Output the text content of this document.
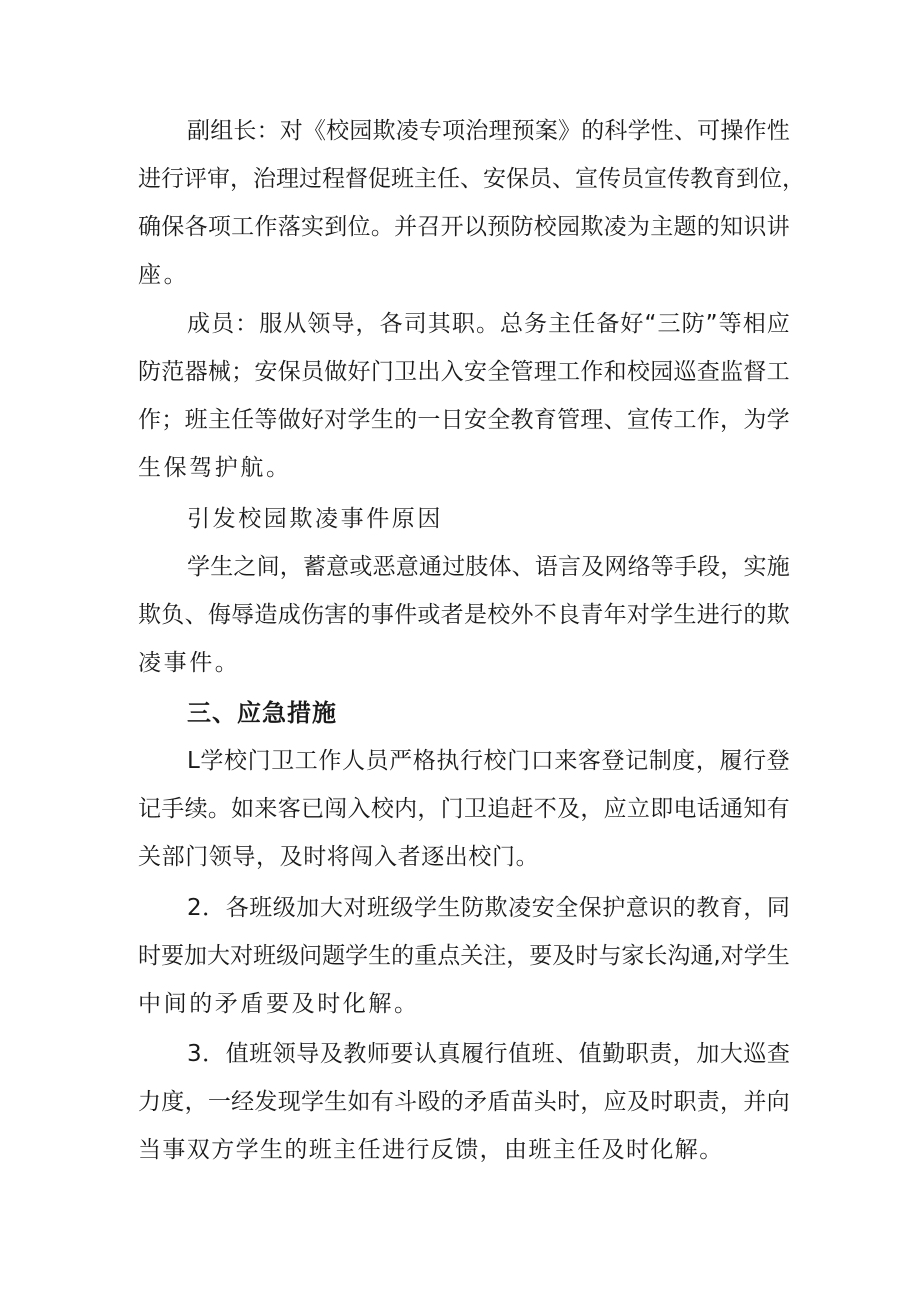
副 组 长 ： 对 《 校 园 欺 凌 专 项 治 理 预 案 》 的 科 学 性 、 可 操 作 性
进 行 评 审 ， 治 理 过 程 督 促 班 主 任 、 安 保 员 、 宣 传 员 宣 传 教 育 到 位 ，
确 保 各 项 工 作 落 实 到 位 。 并 召 开 以 预 防 校 园 欺 凌 为 主 题 的 知 识 讲
座。
成 员 ： 服 从 领 导 ， 各 司 其 职 。 总 务 主 任 备 好 “ 三 防 ” 等 相 应
防 范 器 械 ； 安 保 员 做 好 门 卫 出 入 安 全 管 理 工 作 和 校 园 巡 查 监 督 工
作 ； 班 主 任 等 做 好 对 学 生 的 一 日 安 全 教 育 管 理 、 宣 传 工 作 ， 为 学
生保驾护航。
引发校园欺凌事件原因
学 生 之 间 ， 蓄 意 或 恶 意 通 过 肢 体 、 语 言 及 网 络 等 手 段 ， 实 施
欺 负 、 侮 辱 造 成 伤 害 的 事 件 或 者 是 校 外 不 良 青 年 对 学 生 进 行 的 欺
凌事件。
三、应急措施
L 学 校 门 卫 工 作 人 员 严 格 执 行 校 门 口 来 客 登 记 制 度 ， 履 行 登
记 手 续 。 如 来 客 已 闯 入 校 内 ， 门 卫 追 赶 不 及 ， 应 立 即 电 话 通 知 有
关部门领导，及时将闯入者逐出校门。
2 ． 各 班 级 加 大 对 班 级 学 生 防 欺 凌 安 全 保 护 意 识 的 教 育 ， 同
时 要 加 大 对 班 级 问 题 学 生 的 重 点 关 注 ， 要 及 时 与 家 长 沟 通 , 对 学 生
中间的矛盾要及时化解。
3 ． 值 班 领 导 及 教 师 要 认 真 履 行 值 班 、 值 勤 职 责 ， 加 大 巡 查
力 度 ， 一 经 发 现 学 生 如 有 斗 殴 的 矛 盾 苗 头 时 ， 应 及 时 职 责 ， 并 向
当事双方学生的班主任进行反馈，由班主任及时化解。
